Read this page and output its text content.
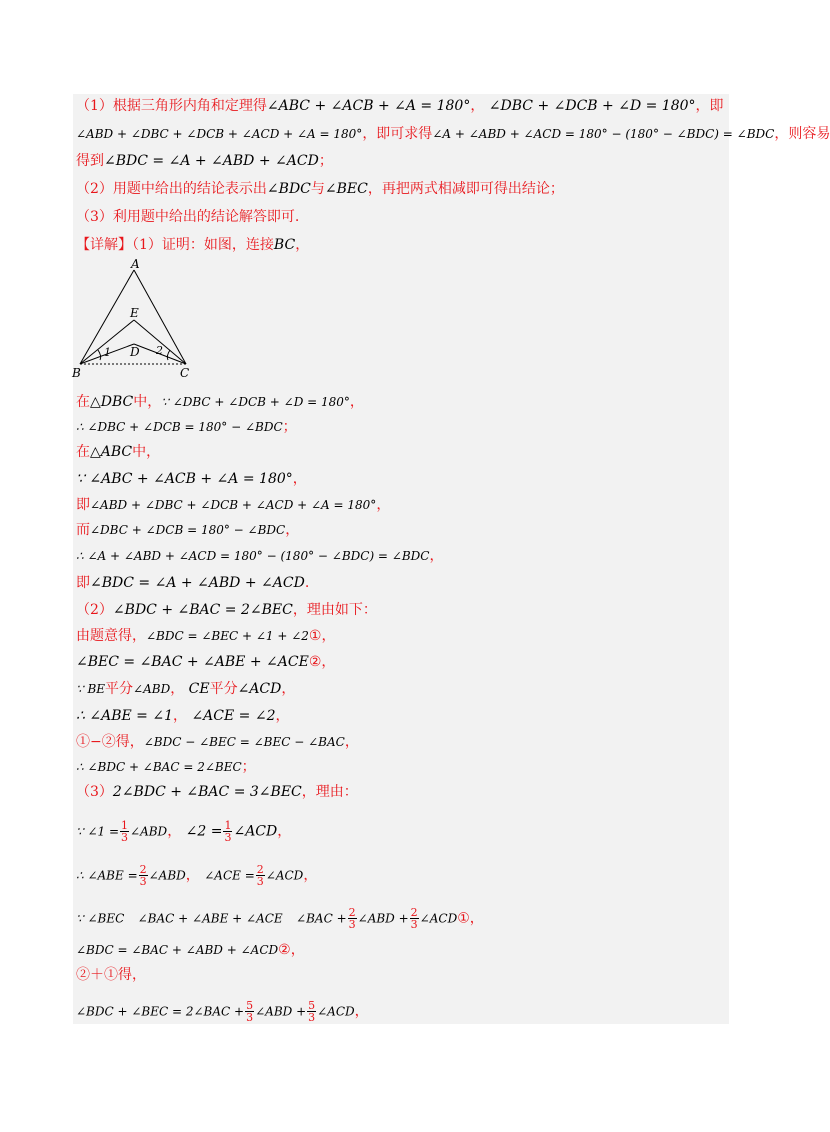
（1）根据三角形内角和定理得∠ABC + ∠ACB + ∠A = 180°， ∠DBC + ∠DCB + ∠D = 180°，即
∠ABD + ∠DBC + ∠DCB + ∠ACD + ∠A = 180°，即可求得∠A + ∠ABD + ∠ACD = 180° − (180° − ∠BDC) = ∠BDC，则容易
得到∠BDC = ∠A + ∠ABD + ∠ACD；
（2）用题中给出的结论表示出∠BDC与∠BEC，再把两式相减即可得出结论；
（3）利用题中给出的结论解答即可.
【详解】（1）证明：如图，连接BC，
A
E
D
B	C
1	2
在△DBC中，∵ ∠DBC + ∠DCB + ∠D = 180°，
∴ ∠DBC + ∠DCB = 180° − ∠BDC；
在△ABC中，
∵ ∠ABC + ∠ACB + ∠A = 180°，
即∠ABD + ∠DBC + ∠DCB + ∠ACD + ∠A = 180°，
而∠DBC + ∠DCB = 180° − ∠BDC，
∴ ∠A + ∠ABD + ∠ACD = 180° − (180° − ∠BDC) = ∠BDC，
即∠BDC = ∠A + ∠ABD + ∠ACD.
（2）∠BDC + ∠BAC = 2∠BEC，理由如下：
由题意得，∠BDC = ∠BEC + ∠1 + ∠2①，
∠BEC = ∠BAC + ∠ABE + ∠ACE②，
∵ BE平分∠ABD， CE平分∠ACD，
∴ ∠ABE = ∠1， ∠ACE = ∠2，
①−②得，∠BDC − ∠BEC = ∠BEC − ∠BAC，
∴ ∠BDC + ∠BAC = 2∠BEC；
（3）2∠BDC + ∠BAC = 3∠BEC，理由：
∵ ∠1 = $\frac{1}{3}$ ∠ABD， ∠2 = $\frac{1}{3}$ ∠ACD，
∴ ∠ABE = $\frac{2}{3}$ ∠ABD， ∠ACE = $\frac{2}{3}$ ∠ACD，
∵ ∠BEC ∠BAC + ∠ABE + ∠ACE ∠BAC + $\frac{2}{3}$ ∠ABD + $\frac{2}{3}$ ∠ACD①，
∠BDC = ∠BAC + ∠ABD + ∠ACD②，
②＋①得，
∠BDC + ∠BEC = 2∠BAC + $\frac{5}{3}$ ∠ABD + $\frac{5}{3}$ ∠ACD，
